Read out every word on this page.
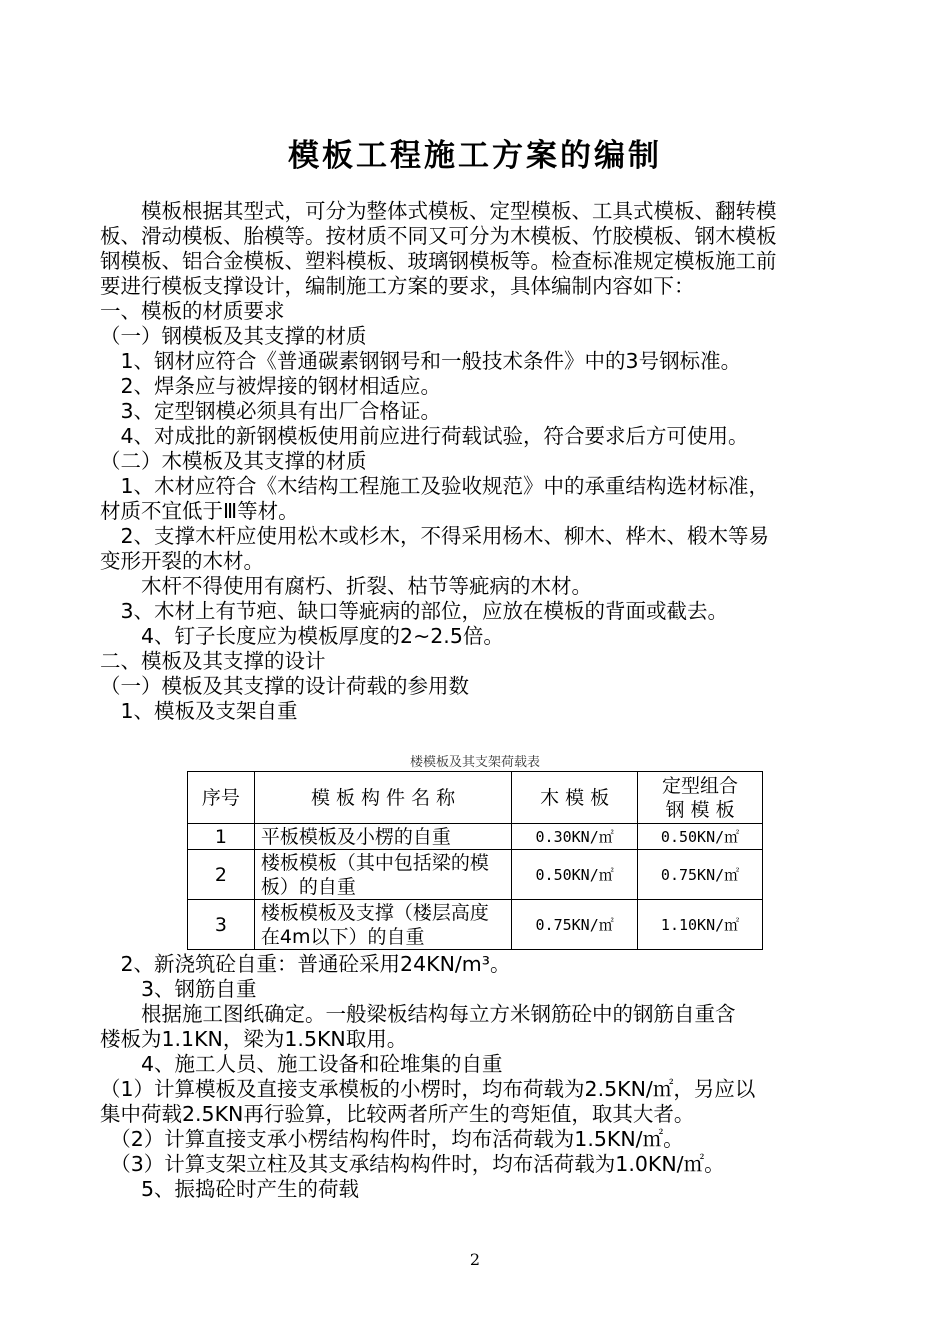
模板工程施工方案的编制
　　模板根据其型式，可分为整体式模板、定型模板、工具式模板、翻转模
板、滑动模板、胎模等。按材质不同又可分为木模板、竹胶模板、钢木模板
钢模板、铝合金模板、塑料模板、玻璃钢模板等。检查标准规定模板施工前
要进行模板支撑设计，编制施工方案的要求，具体编制内容如下：
一、模板的材质要求
（一）钢模板及其支撑的材质
　1、钢材应符合《普通碳素钢钢号和一般技术条件》中的3号钢标准。
　2、焊条应与被焊接的钢材相适应。
　3、定型钢模必须具有出厂合格证。
　4、对成批的新钢模板使用前应进行荷载试验，符合要求后方可使用。
（二）木模板及其支撑的材质
　1、木材应符合《木结构工程施工及验收规范》中的承重结构选材标准，
材质不宜低于Ⅲ等材。
　2、支撑木杆应使用松木或杉木，不得采用杨木、柳木、桦木、椴木等易
变形开裂的木材。
　　木杆不得使用有腐朽、折裂、枯节等疵病的木材。
　3、木材上有节疤、缺口等疵病的部位，应放在模板的背面或截去。
　　4、钉子长度应为模板厚度的2~2.5倍。
二、模板及其支撑的设计
（一）模板及其支撑的设计荷载的参用数
　1、模板及支架自重
楼模板及其支架荷载表
序号	模 板 构 件 名 称	木 模 板	定型组合
钢 模 板

1	平板模板及小楞的自重	0.30KN/㎡	0.50KN/㎡
2	楼板模板（其中包括梁的模板）的自重	0.50KN/㎡	0.75KN/㎡
3	楼板模板及支撑（楼层高度在4m以下）的自重	0.75KN/㎡	1.10KN/㎡
　2、新浇筑砼自重：普通砼采用24KN/m³。
　　3、钢筋自重
　　根据施工图纸确定。一般梁板结构每立方米钢筋砼中的钢筋自重含
楼板为1.1KN，梁为1.5KN取用。
　　4、施工人员、施工设备和砼堆集的自重
（1）计算模板及直接支承模板的小楞时，均布荷载为2.5KN/㎡，另应以
集中荷载2.5KN再行验算，比较两者所产生的弯矩值，取其大者。
　（2）计算直接支承小楞结构构件时，均布活荷载为1.5KN/㎡。
　（3）计算支架立柱及其支承结构构件时，均布活荷载为1.0KN/㎡。
　　5、振捣砼时产生的荷载
2
